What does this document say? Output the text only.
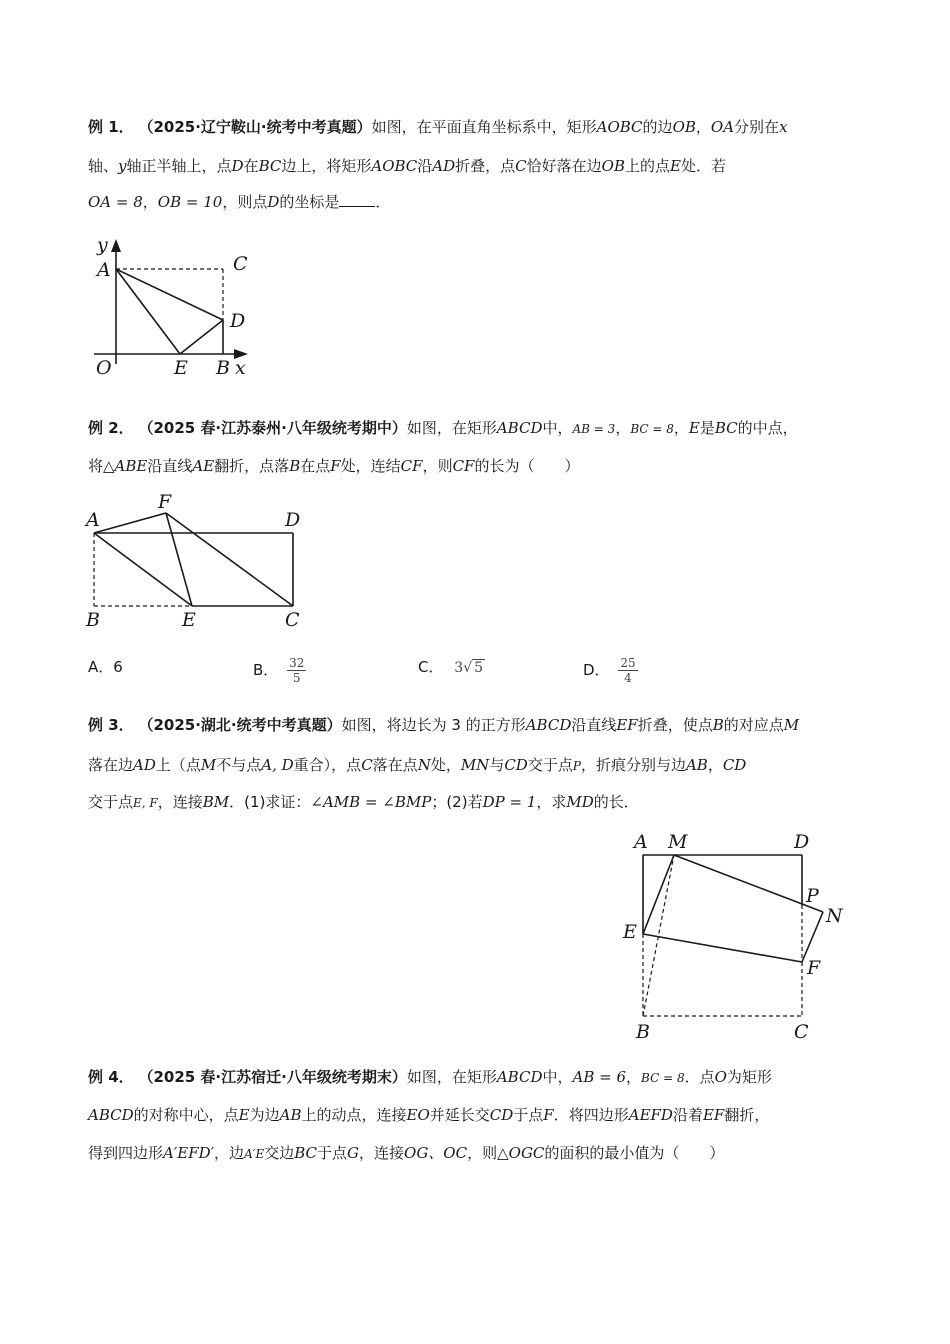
例 1． （2025·辽宁鞍山·统考中考真题）如图，在平面直角坐标系中，矩形AOBC的边OB，OA分别在x
轴、y轴正半轴上，点D在BC边上，将矩形AOBC沿AD折叠，点C恰好落在边OB上的点E处．若
OA = 8，OB = 10，则点D的坐标是 ．
y
A	C
D
O	E B x
例 2． （2025 春·江苏泰州·八年级统考期中）如图，在矩形ABCD中，AB = 3，BC = 8，E是BC的中点，
将△ABE沿直线AE翻折，点落B在点F处，连结CF，则CF的长为（　　）
A
F
D
B	E	C
A．6	B． $\frac{32}{5}$	C． 3√ 5	D． $\frac{25}{4}$
例 3． （2025·湖北·统考中考真题）如图，将边长为 3 的正方形ABCD沿直线EF折叠，使点B的对应点M
落在边AD上（点M不与点A, D重合），点C落在点N处，MN与CD交于点P，折痕分别与边AB，CD
交于点E, F，连接BM．(1)求证：∠AMB = ∠BMP；(2)若DP = 1，求MD的长．
A M	D
P
N
E
F
B	C
例 4． （2025 春·江苏宿迁·八年级统考期末）如图，在矩形ABCD中，AB = 6，BC = 8．点O为矩形
ABCD的对称中心，点E为边AB上的动点，连接EO并延长交CD于点F．将四边形AEFD沿着EF翻折，
得到四边形A′EFD′，边A′E交边BC于点G，连接OG、OC，则△OGC的面积的最小值为（　　）
